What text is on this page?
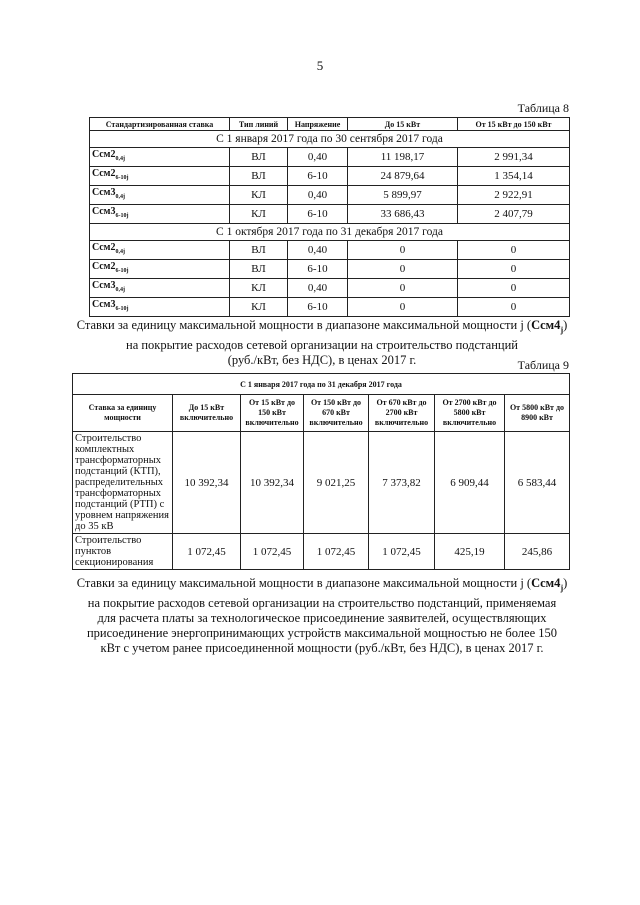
5
Таблица 8
Стандартизированная ставка	Тип линий	Напряжение	До 15 кВт	От 15 кВт до 150 кВт
С 1 января 2017 года по 30 сентября 2017 года				
$Cсм2_{0,4j}$	ВЛ	0,40	11 198,17	2 991,34
$Cсм2_{6-10j}$	ВЛ	6-10	24 879,64	1 354,14
$Cсм3_{0,4j}$	КЛ	0,40	5 899,97	2 922,91
$Cсм3_{6-10j}$	КЛ	6-10	33 686,43	2 407,79
С 1 октября 2017 года по 31 декабря 2017 года				
$Cсм2_{0,4j}$	ВЛ	0,40	0	0
$Cсм2_{6-10j}$	ВЛ	6-10	0	0
$Cсм3_{0,4j}$	КЛ	0,40	0	0
$Cсм3_{6-10j}$	КЛ	6-10	0	0
Ставки за единицу максимальной мощности в диапазоне максимальной мощности j $(Cсм4_j)$
на покрытие расходов сетевой организации на строительство подстанций
(руб./кВт, без НДС), в ценах 2017 г.	Таблица 9
С 1 января 2017 года по 31 декабря 2017 года						
Ставка за единицу мощности	До 15 кВт включительно	От 15 кВт до 150 кВт включительно	От 150 кВт до 670 кВт включительно	От 670 кВт до 2700 кВт включительно	От 2700 кВт до 5800 кВт включительно	От 5800 кВт до 8900 кВт
Строительство комплектных трансформаторных подстанций (КТП), распределительных трансформаторных подстанций (РТП) с уровнем напряжения до 35 кВ	10 392,34	10 392,34	9 021,25	7 373,82	6 909,44	6 583,44
Строительство пунктов секционирования	1 072,45	1 072,45	1 072,45	1 072,45	425,19	245,86
Ставки за единицу максимальной мощности в диапазоне максимальной мощности j $(Cсм4_j)$
на покрытие расходов сетевой организации на строительство подстанций, применяемая
для расчета платы за технологическое присоединение заявителей, осуществляющих
присоединение энергопринимающих устройств максимальной мощностью не более 150
кВт с учетом ранее присоединенной мощности (руб./кВт, без НДС), в ценах 2017 г.
